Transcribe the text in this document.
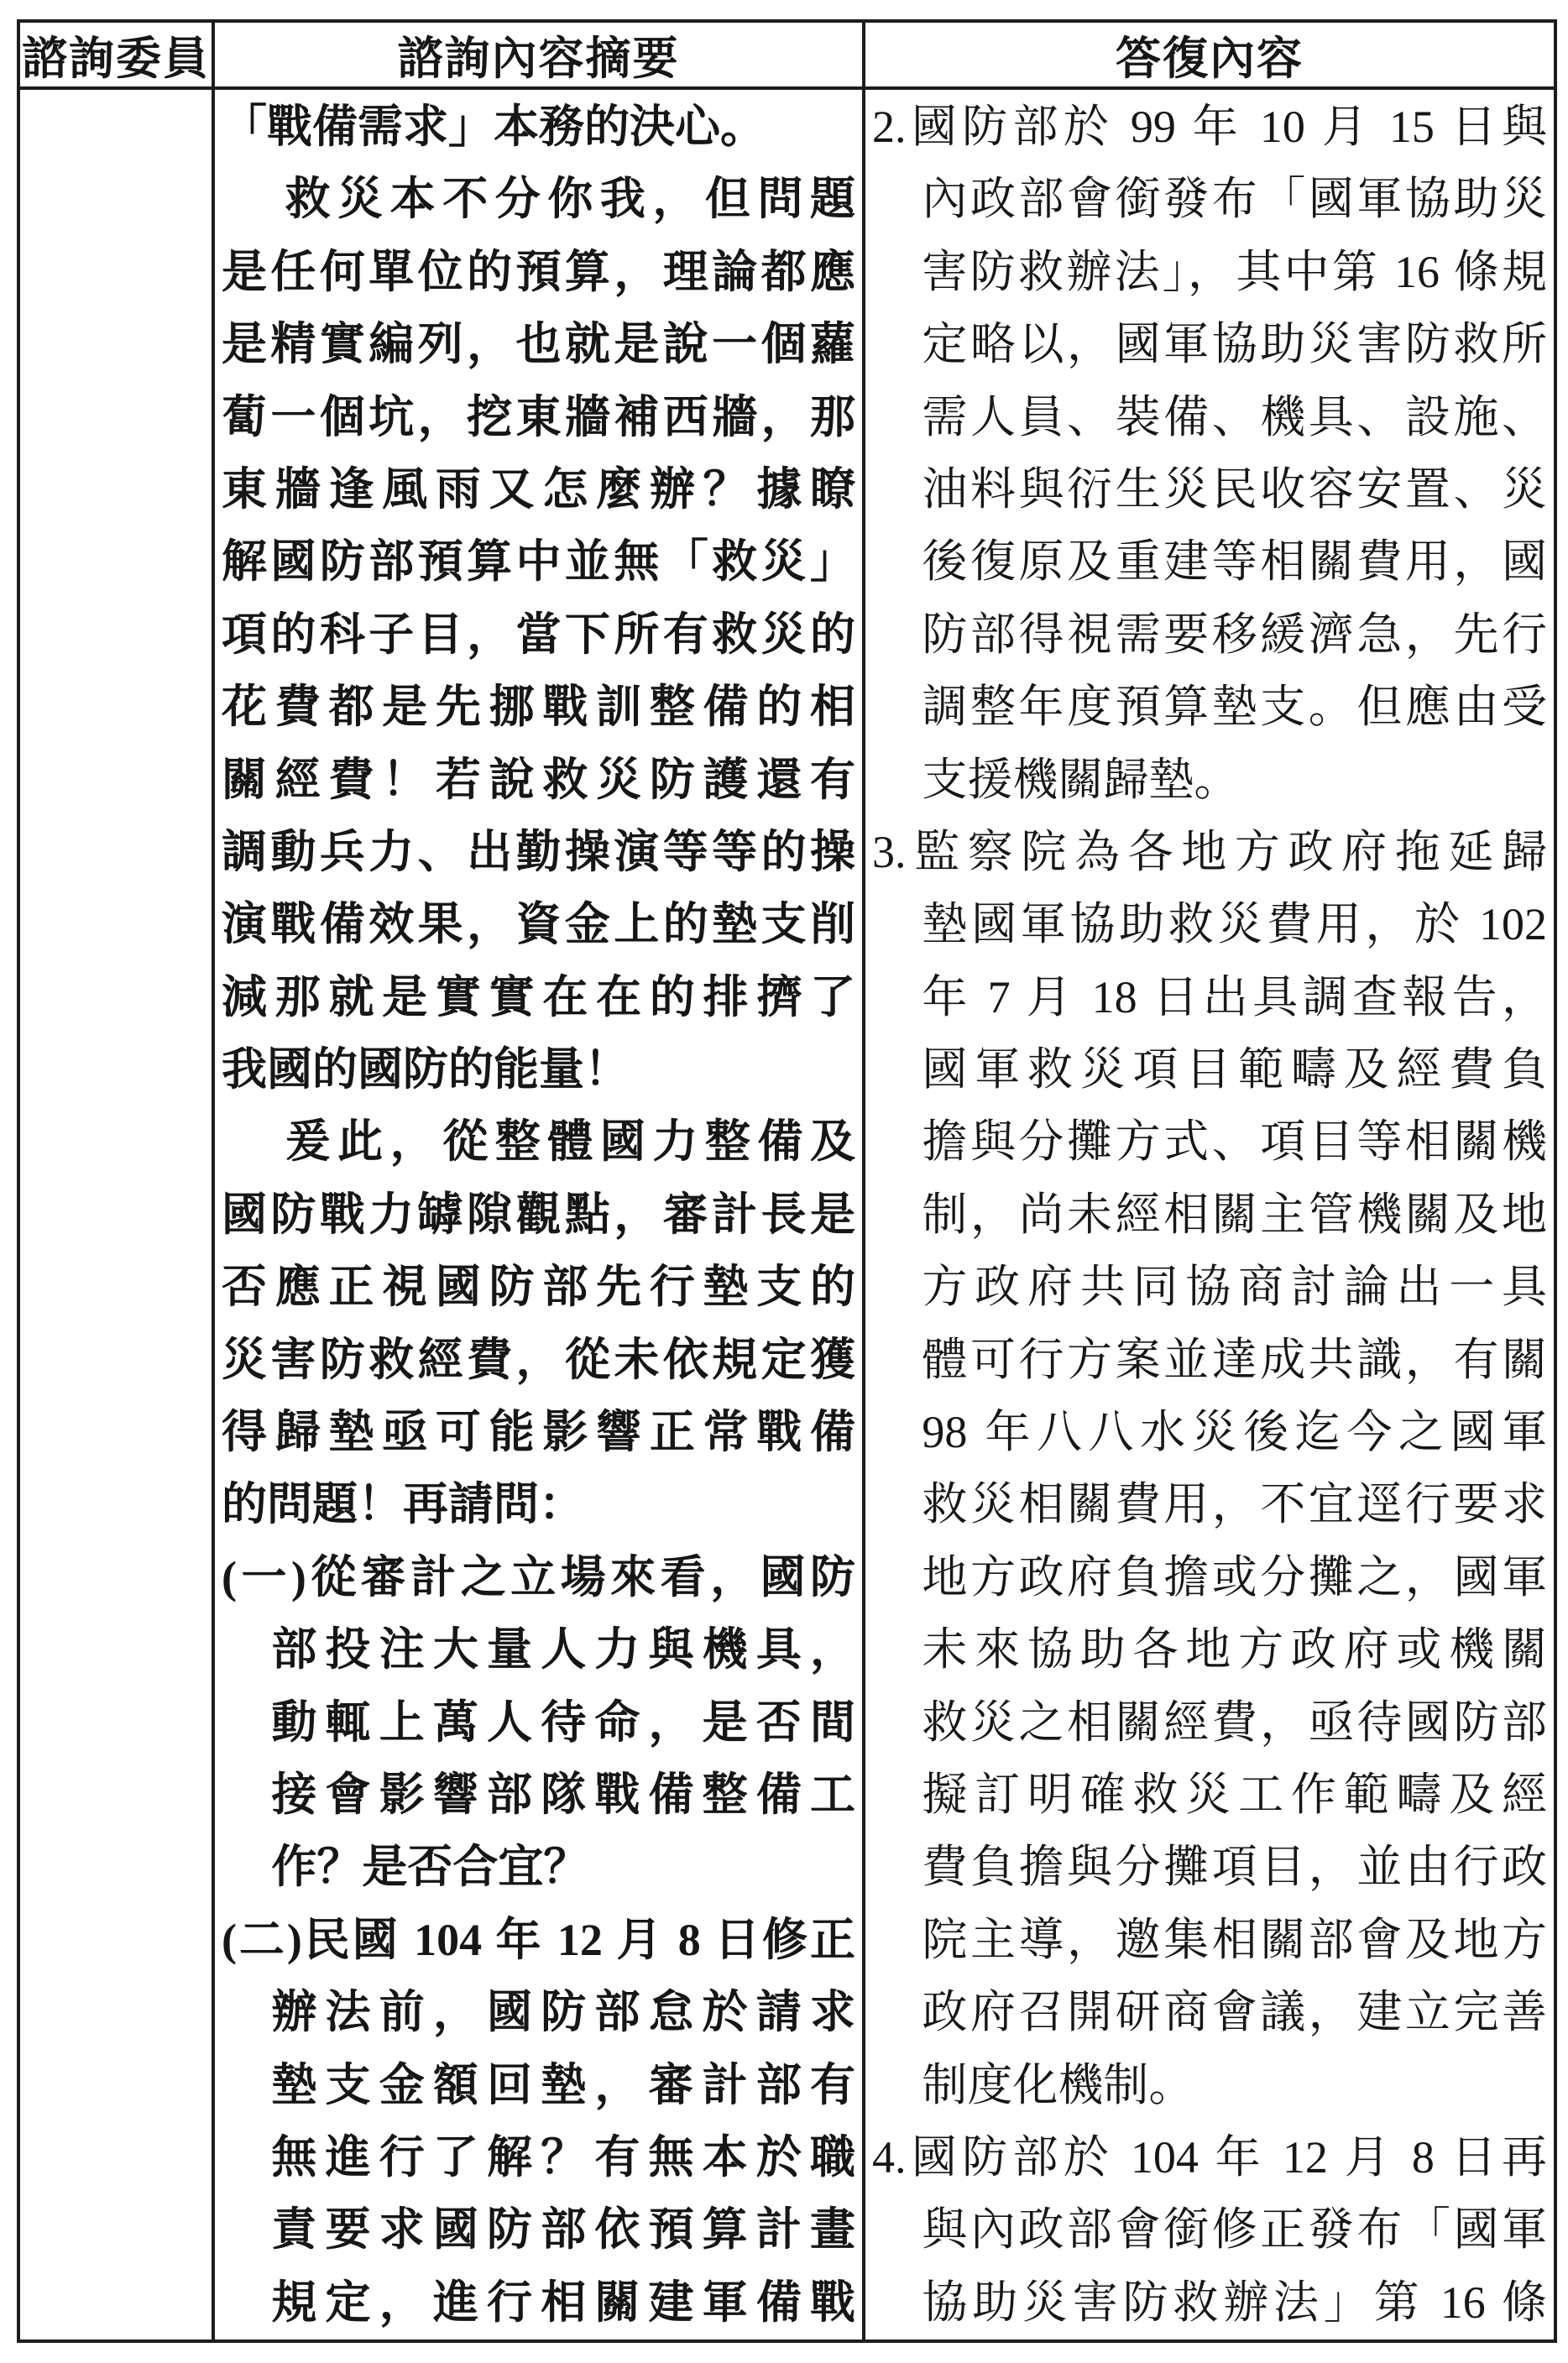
諮詢委員	諮詢內容摘要	答復內容
「戰備需求」本務的決心。
救災本不分你我，但問題
是任何單位的預算，理論都應
是精實編列，也就是說一個蘿
蔔一個坑，挖東牆補西牆，那
東牆逢風雨又怎麼辦？據瞭
解國防部預算中並無「救災」
項的科子目，當下所有救災的
花費都是先挪戰訓整備的相
關經費！若說救災防護還有
調動兵力、出勤操演等等的操
演戰備效果，資金上的墊支削
減那就是實實在在的排擠了
我國的國防的能量！
爰此，從整體國力整備及
國防戰力罅隙觀點，審計長是
否應正視國防部先行墊支的
災害防救經費，從未依規定獲
得歸墊亟可能影響正常戰備
的問題！再請問：
(一)從審計之立場來看，國防
部投注大量人力與機具，
動輒上萬人待命，是否間
接會影響部隊戰備整備工
作？是否合宜？
(二)民國 104 年 12 月 8 日修正
辦法前，國防部怠於請求
墊支金額回墊，審計部有
無進行了解？有無本於職
責要求國防部依預算計畫
規定，進行相關建軍備戰
2.國防部於 99 年 10 月 15 日與
內政部會銜發布「國軍協助災
害防救辦法」，其中第 16 條規
定略以，國軍協助災害防救所
需人員、裝備、機具、設施、
油料與衍生災民收容安置、災
後復原及重建等相關費用，國
防部得視需要移緩濟急，先行
調整年度預算墊支。但應由受
支援機關歸墊。
3.監察院為各地方政府拖延歸
墊國軍協助救災費用，於 102
年 7 月 18 日出具調查報告，
國軍救災項目範疇及經費負
擔與分攤方式、項目等相關機
制，尚未經相關主管機關及地
方政府共同協商討論出一具
體可行方案並達成共識，有關
98 年八八水災後迄今之國軍
救災相關費用，不宜逕行要求
地方政府負擔或分攤之，國軍
未來協助各地方政府或機關
救災之相關經費，亟待國防部
擬訂明確救災工作範疇及經
費負擔與分攤項目，並由行政
院主導，邀集相關部會及地方
政府召開研商會議，建立完善
制度化機制。
4.國防部於 104 年 12 月 8 日再
與內政部會銜修正發布「國軍
協助災害防救辦法」第 16 條
